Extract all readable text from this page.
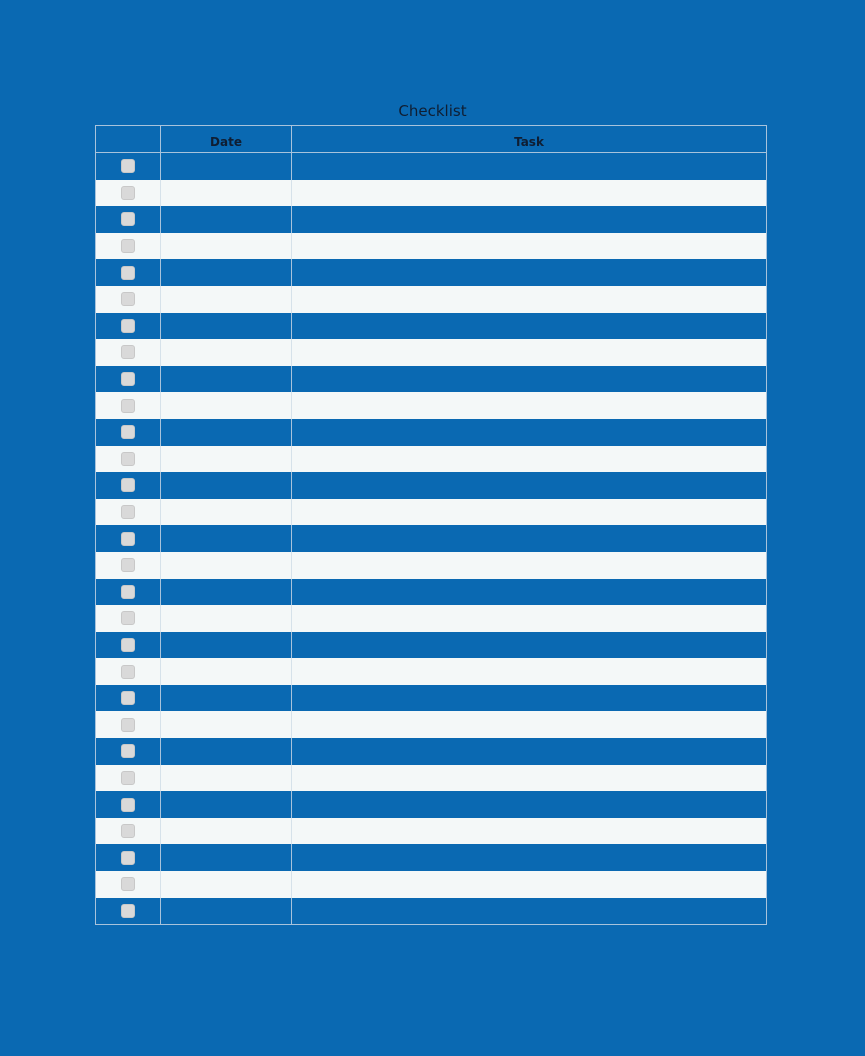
Checklist
Date	Task
